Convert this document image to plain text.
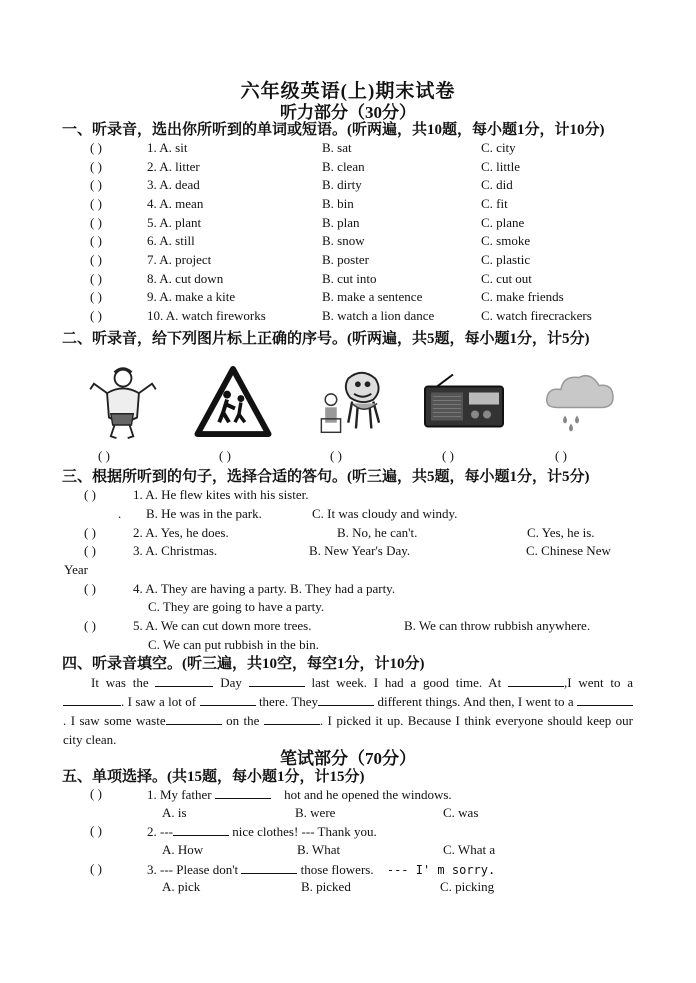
六年级英语(上)期末试卷
听力部分（30分）
一、听录音，选出你所听到的单词或短语。(听两遍，共10题，每小题1分，计10分)
( )	1. A. sit	B. sat	C. city
( )	2. A. litter	B. clean	C. little
( )	3. A. dead	B. dirty	C. did
( )	4. A. mean	B. bin	C. fit
( )	5. A. plant	B. plan	C. plane
( )	6. A. still	B. snow	C. smoke
( )	7. A. project	B. poster	C. plastic
( )	8. A. cut down	B. cut into	C. cut out
( )	9. A. make a kite	B. make a sentence	C. make friends
( )	10. A. watch fireworks	B. watch a lion dance	C. watch firecrackers
二、听录音，给下列图片标上正确的序号。(听两遍，共5题，每小题1分，计5分)
( )	( )	( )	( )	( )
三、根据所听到的句子，选择合适的答句。(听三遍，共5题，每小题1分，计5分)
( )	1. A. He flew kites with his sister.
. B. He was in the park.	C. It was cloudy and windy.
( )	2. A. Yes, he does.	B. No, he can't.	C. Yes, he is.
( )	3. A. Christmas.	B. New Year's Day.	C. Chinese New
Year
( )	4. A. They are having a party. B. They had a party.
C. They are going to have a party.
( )	5. A. We can cut down more trees.	B. We can throw rubbish anywhere.
C. We can put rubbish in the bin.
四、听录音填空。(听三遍，共10空，每空1分，计10分)
It was the	Day	last week. I had a good time. At	,I went to a . I saw a lot of	there. They	different things. And then, I went to a . I saw some waste	on the	. I picked it up. Because I think everyone should keep our city clean.
笔试部分（70分）
五、单项选择。(共15题，每小题1分，计15分)
( )	1. My father	hot and he opened the windows.
A. is	B. were	C. was
( )	2. ---	nice clothes! --- Thank you.
A. How	B. What	C. What a
( )	3. --- Please don't	those flowers. --- I' m sorry.
A. pick	B. picked	C. picking
